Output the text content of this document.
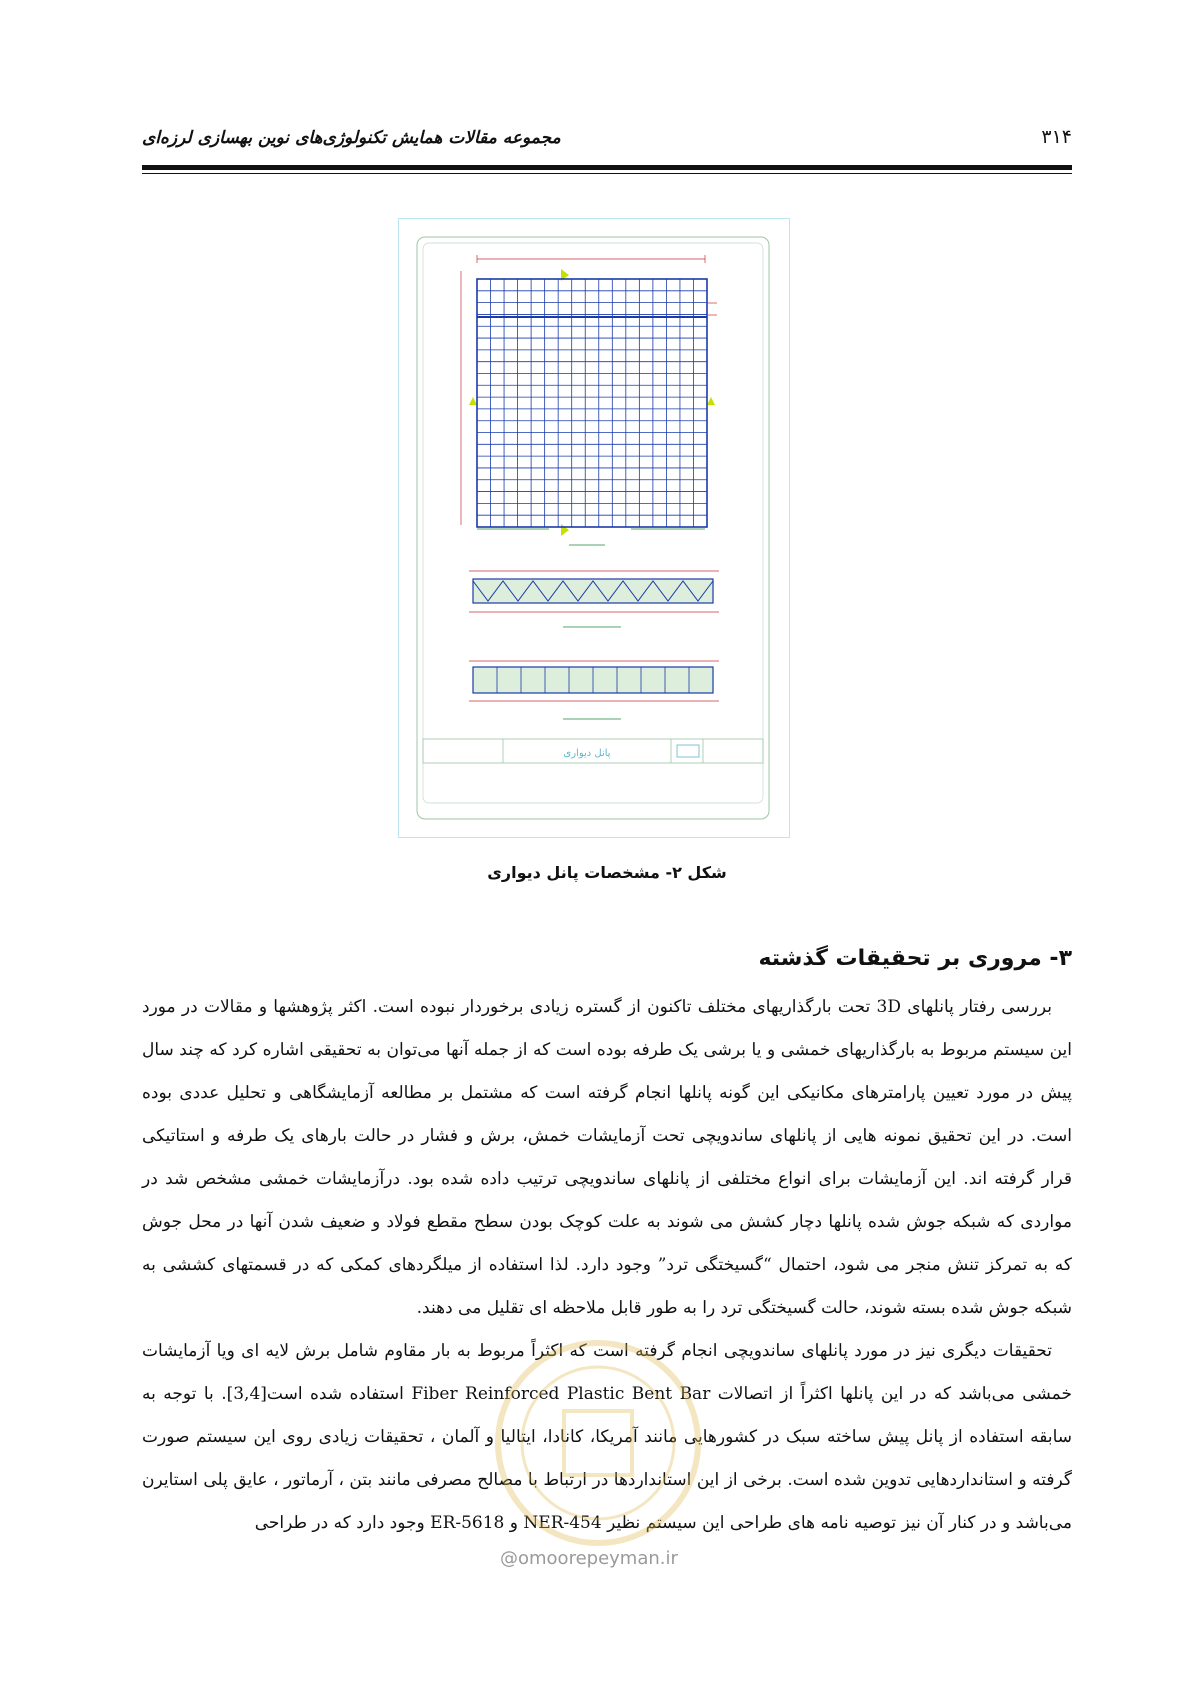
۳۱۴
مجموعه مقالات همایش تکنولوژی‌های نوین بهسازی لرزه‌ای
پانل دیواری
شکل ۲- مشخصات پانل دیواری
۳- مروری بر تحقیقات گذشته

بررسی رفتار پانلهای 3D تحت بارگذاریهای مختلف تاکنون از گستره زیادی برخوردار نبوده است. اکثر پژوهشها و مقالات در مورد این سیستم مربوط به بارگذاریهای خمشی و یا برشی یک طرفه بوده است که از جمله آنها می‌توان به تحقیقی اشاره کرد که چند سال پیش در مورد تعیین پارامترهای مکانیکی این گونه پانلها انجام گرفته است که مشتمل بر مطالعه آزمایشگاهی و تحلیل عددی بوده است. در این تحقیق نمونه هایی از پانلهای ساندویچی تحت آزمایشات خمش، برش و فشار در حالت بارهای یک طرفه و استاتیکی قرار گرفته اند. این آزمایشات برای انواع مختلفی از پانلهای ساندویچی ترتیب داده شده بود. درآزمایشات خمشی مشخص شد در مواردی که شبکه جوش شده پانلها دچار کشش می شوند به علت کوچک بودن سطح مقطع فولاد و ضعیف شدن آنها در محل جوش که به تمرکز تنش منجر می شود، احتمال “گسیختگی ترد” وجود دارد. لذا استفاده از میلگردهای کمکی که در قسمتهای کششی به شبکه جوش شده بسته شوند، حالت گسیختگی ترد را به طور قابل ملاحظه ای تقلیل می دهند.

تحقیقات دیگری نیز در مورد پانلهای ساندویچی انجام گرفته است که اکثراً مربوط به بار مقاوم شامل برش لایه ای ویا آزمایشات خمشی می‌باشد که در این پانلها اکثراً از اتصالات Fiber Reinforced Plastic Bent Bar استفاده شده است[3,4]. با توجه به سابقه استفاده از پانل پیش ساخته سبک در کشورهایی مانند آمریکا، کانادا، ایتالیا و آلمان ، تحقیقات زیادی روی این سیستم صورت گرفته و استانداردهایی تدوین شده است. برخی از این استانداردها در ارتباط با مصالح مصرفی مانند بتن ، آرماتور ، عایق پلی استایرن می‌باشد و در کنار آن نیز توصیه نامه های طراحی این سیستم نظیر NER-454 و ER-5618 وجود دارد که در طراحی

@omoorepeyman.ir
